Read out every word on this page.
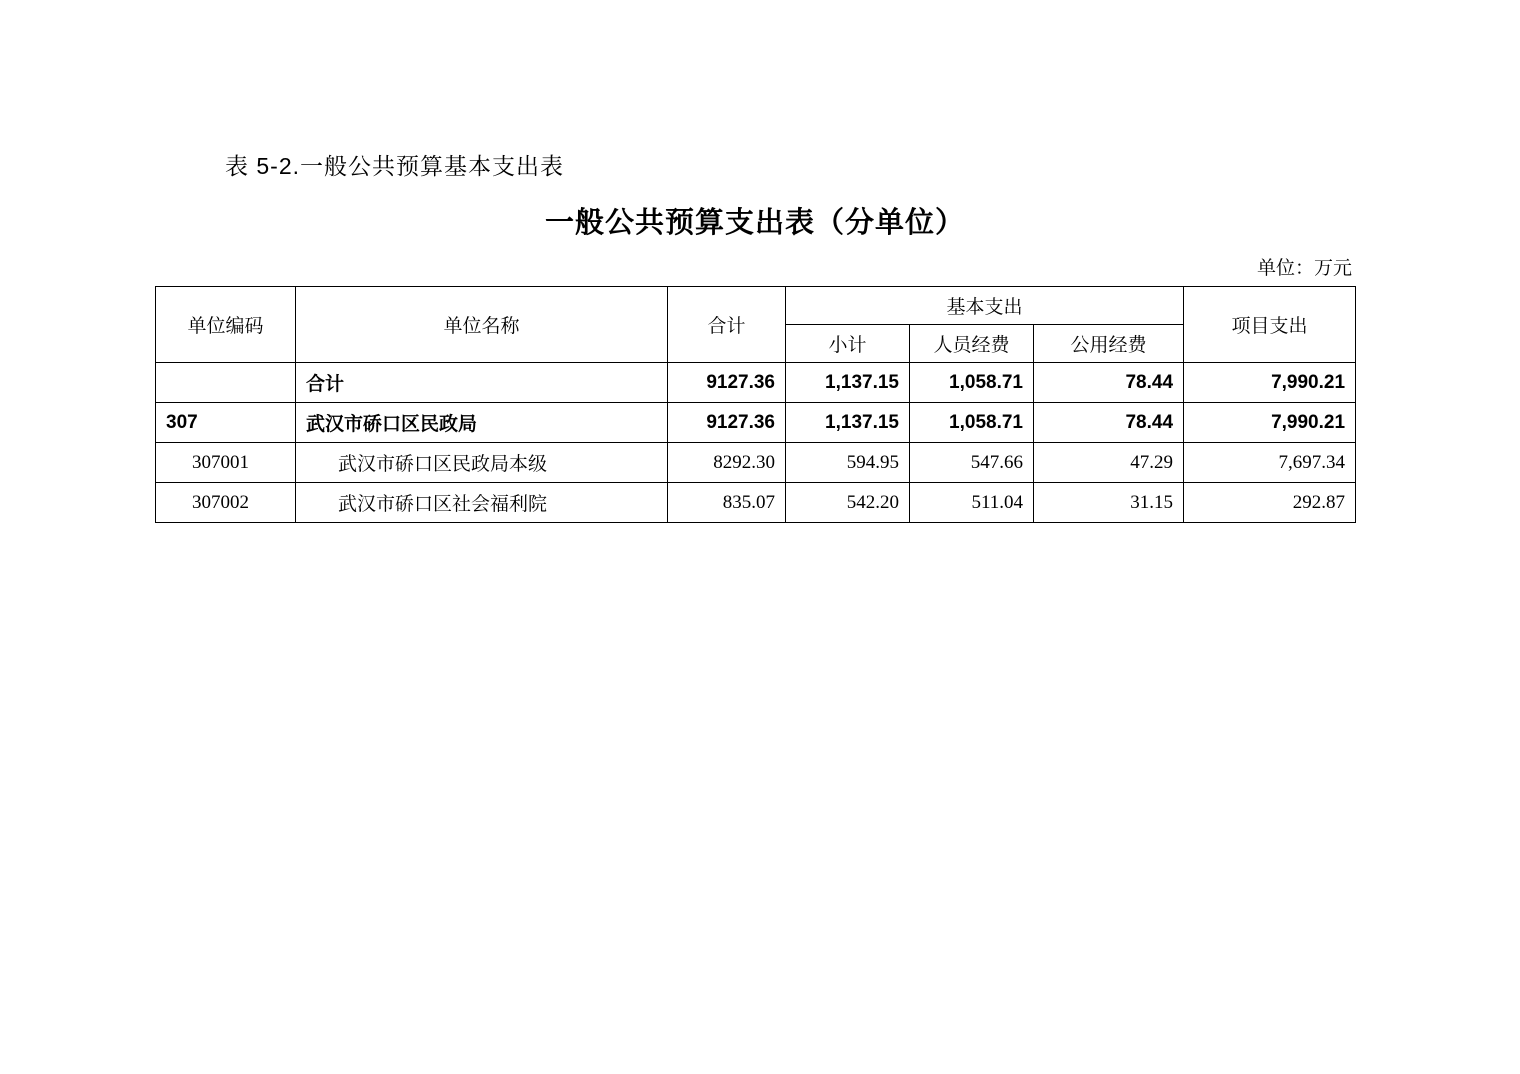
表 5-2.一般公共预算基本支出表
一般公共预算支出表（分单位）
单位：万元
单位编码	单位名称	合计	基本支出			项目支出
			小计	人员经费	公用经费	
	合计	9127.36	1,137.15	1,058.71	78.44	7,990.21
307	武汉市硚口区民政局	9127.36	1,137.15	1,058.71	78.44	7,990.21
307001	武汉市硚口区民政局本级	8292.30	594.95	547.66	47.29	7,697.34
307002	武汉市硚口区社会福利院	835.07	542.20	511.04	31.15	292.87
